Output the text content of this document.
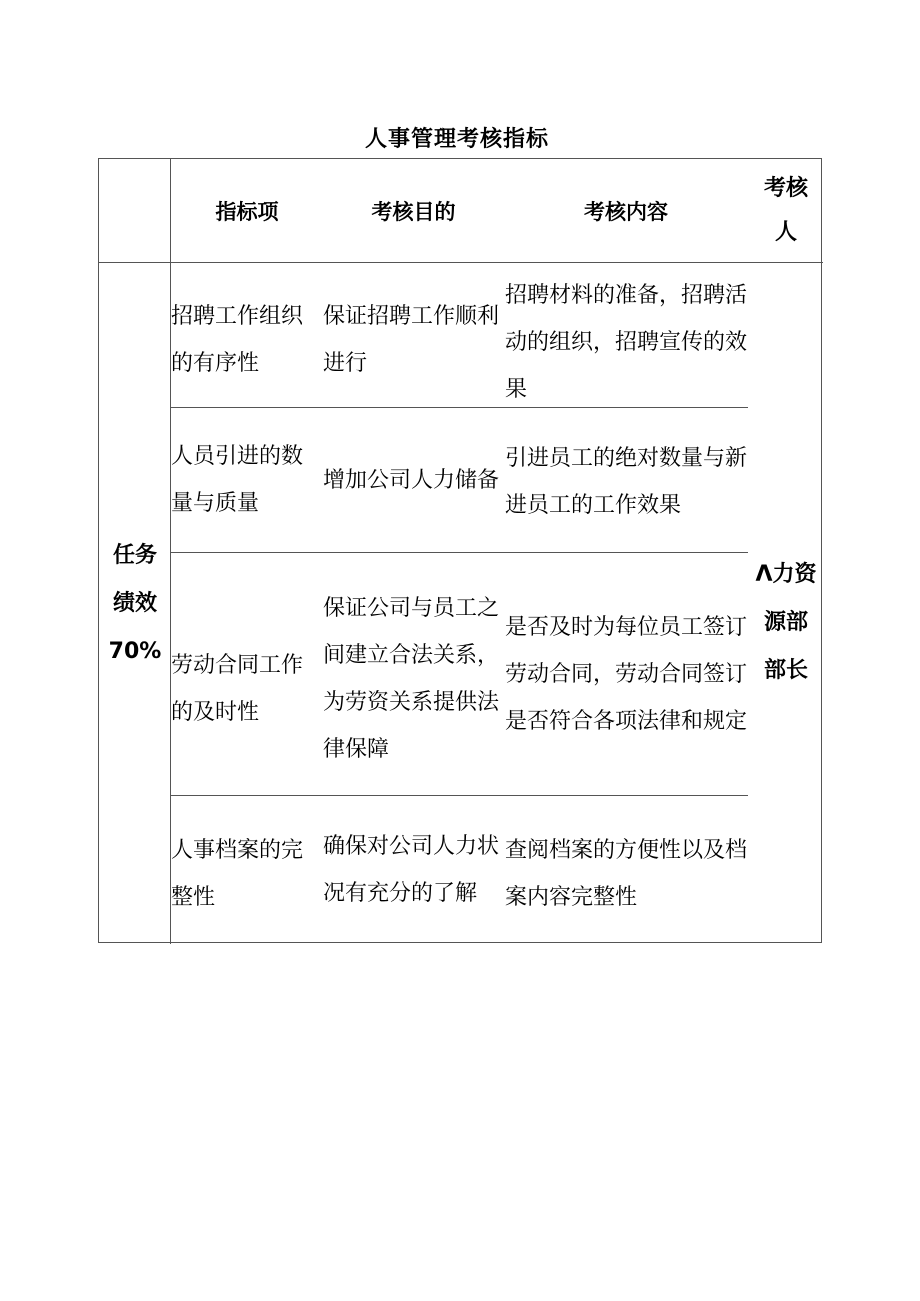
人事管理考核指标
指标项	考核目的	考核内容
考核人
任务绩效70%
Λ力资源部部长
招聘工作组织的有序性
保证招聘工作顺利进行
招聘材料的准备，招聘活动的组织，招聘宣传的效果
人员引进的数量与质量
增加公司人力储备
引进员工的绝对数量与新进员工的工作效果
劳动合同工作的及时性
保证公司与员工之间建立合法关系，为劳资关系提供法律保障
是否及时为每位员工签订劳动合同，劳动合同签订是否符合各项法律和规定
人事档案的完整性
确保对公司人力状况有充分的了解
查阅档案的方便性以及档案内容完整性
